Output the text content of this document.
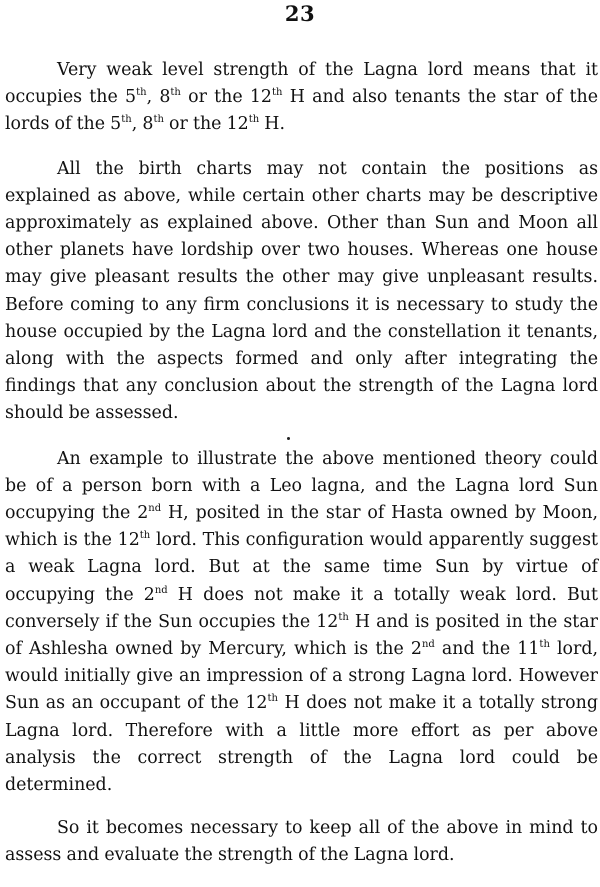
23

Very weak level strength of the Lagna lord means that it occupies the 5th, 8th or the 12th H and also tenants the star of the lords of the 5th, 8th or the 12th H.

All the birth charts may not contain the positions as explained as above, while certain other charts may be descriptive approximately as explained above. Other than Sun and Moon all other planets have lordship over two houses. Whereas one house may give pleasant results the other may give unpleasant results. Before coming to any firm conclusions it is necessary to study the house occupied by the Lagna lord and the constellation it tenants, along with the aspects formed and only after integrating the findings that any conclusion about the strength of the Lagna lord should be assessed.

An example to illustrate the above mentioned theory could be of a person born with a Leo lagna, and the Lagna lord Sun occupying the 2nd H, posited in the star of Hasta owned by Moon, which is the 12th lord. This configuration would apparently suggest a weak Lagna lord. But at the same time Sun by virtue of occupying the 2nd H does not make it a totally weak lord. But conversely if the Sun occupies the 12th H and is posited in the star of Ashlesha owned by Mercury, which is the 2nd and the 11th lord, would initially give an impression of a strong Lagna lord. However Sun as an occupant of the 12th H does not make it a totally strong Lagna lord. Therefore with a little more effort as per above analysis the correct strength of the Lagna lord could be determined.

So it becomes necessary to keep all of the above in mind to assess and evaluate the strength of the Lagna lord.
